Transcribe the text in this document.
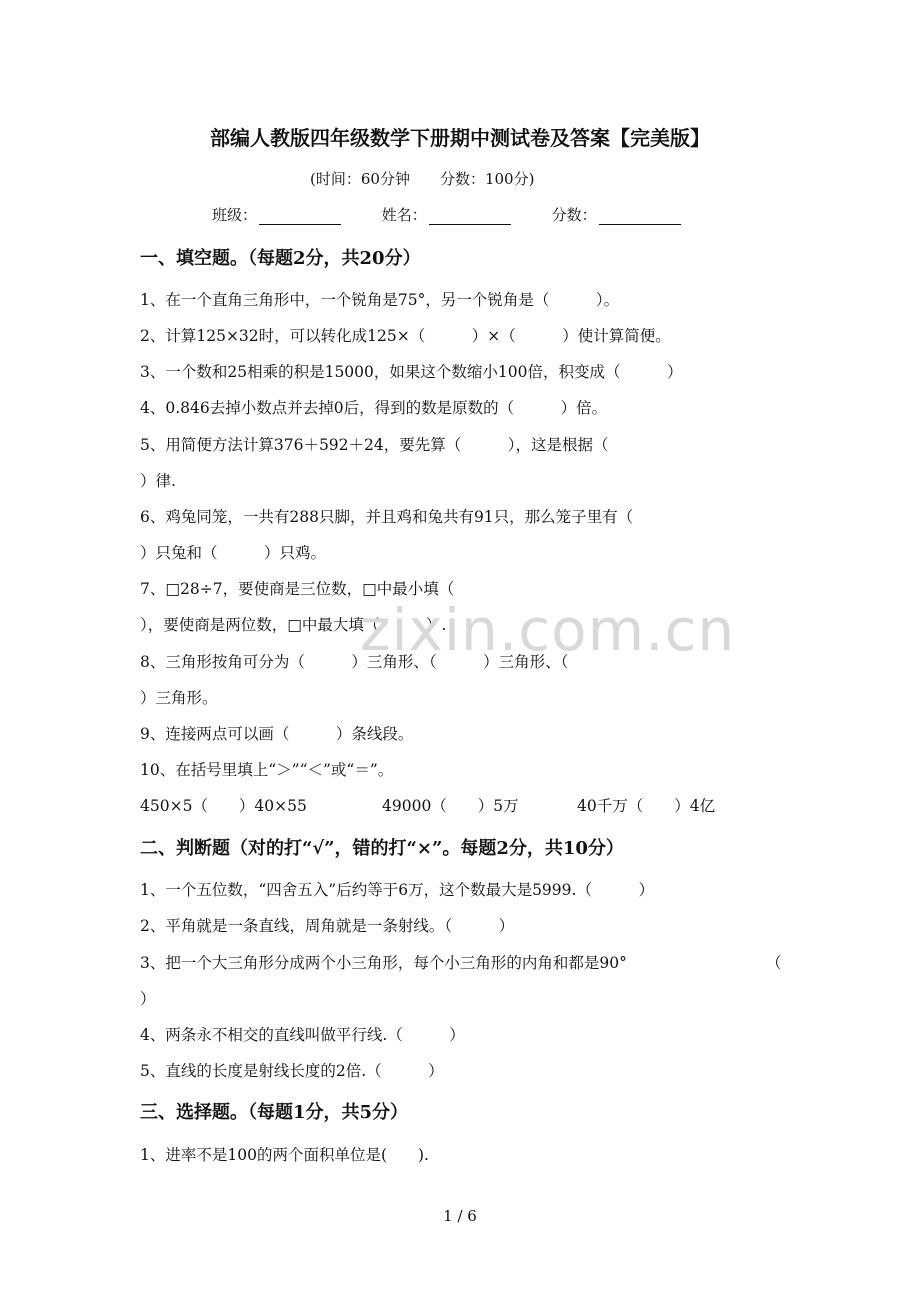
部编人教版四年级数学下册期中测试卷及答案【完美版】
(时间：60分钟 分数：100分)
班级：	姓名：	分数：
一、填空题。（每题2分，共20分）
1、在一个直角三角形中，一个锐角是75°，另一个锐角是（　　　）。
2、计算125×32时，可以转化成125×（　　　）×（　　　）使计算简便。
3、一个数和25相乘的积是15000，如果这个数缩小100倍，积变成（　　　）
4、0.846去掉小数点并去掉0后，得到的数是原数的（　　　）倍。
5、用简便方法计算376＋592＋24，要先算（　　　），这是根据（
）律.
6、鸡兔同笼，一共有288只脚，并且鸡和兔共有91只，那么笼子里有（
）只兔和（　　　）只鸡。
7、□28÷7，要使商是三位数，□中最小填（
），要使商是两位数，□中最大填（　　　）.
8、三角形按角可分为（　　　）三角形、（　　　）三角形、（
）三角形。
9、连接两点可以画（　　　）条线段。
10、在括号里填上“＞”“＜”或“＝”。
450×5（　　）40×55	49000（　　）5万	40千万（　　）4亿
二、判断题（对的打“√”，错的打“×”。每题2分，共10分）
1、一个五位数，“四舍五入”后约等于6万，这个数最大是5999.（　　　）
2、平角就是一条直线，周角就是一条射线。（　　　）
3、把一个大三角形分成两个小三角形，每个小三角形的内角和都是90°	（
）
4、两条永不相交的直线叫做平行线.（　　　）
5、直线的长度是射线长度的2倍.（　　　）
三、选择题。（每题1分，共5分）
1、进率不是100的两个面积单位是(　　).
zixin.com.cn
1 / 6
